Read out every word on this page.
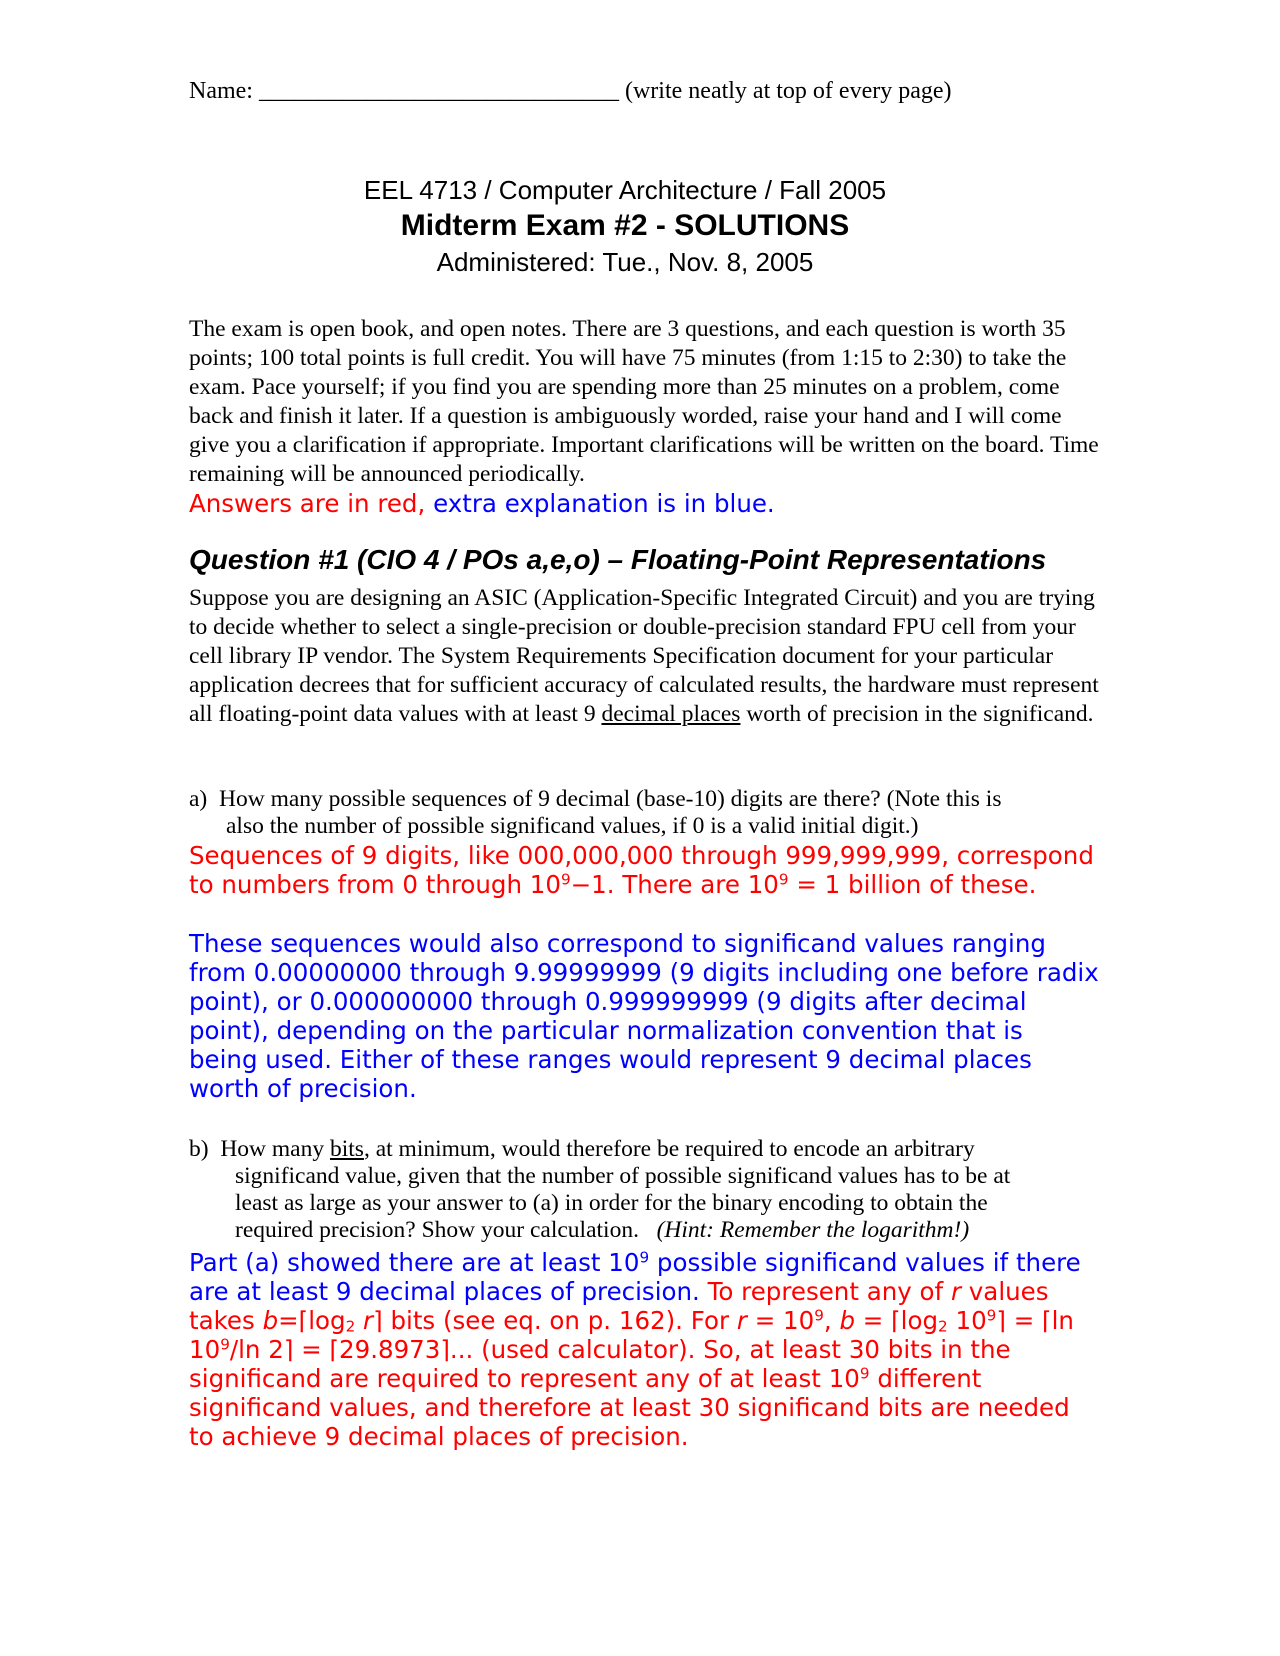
Name: ______________________________ (write neatly at top of every page)
EEL 4713 / Computer Architecture / Fall 2005
Midterm Exam #2 - SOLUTIONS
Administered: Tue., Nov. 8, 2005
The exam is open book, and open notes. There are 3 questions, and each question is worth 35 points; 100 total points is full credit. You will have 75 minutes (from 1:15 to 2:30) to take the exam. Pace yourself; if you find you are spending more than 25 minutes on a problem, come back and finish it later. If a question is ambiguously worded, raise your hand and I will come give you a clarification if appropriate. Important clarifications will be written on the board. Time remaining will be announced periodically.
Answers are in red, extra explanation is in blue.
Question #1 (CIO 4 / POs a,e,o) – Floating-Point Representations
Suppose you are designing an ASIC (Application-Specific Integrated Circuit) and you are trying to decide whether to select a single-precision or double-precision standard FPU cell from your cell library IP vendor. The System Requirements Specification document for your particular application decrees that for sufficient accuracy of calculated results, the hardware must represent all floating-point data values with at least 9 decimal places worth of precision in the significand.
a) How many possible sequences of 9 decimal (base-10) digits are there? (Note this is
also the number of possible significand values, if 0 is a valid initial digit.)
Sequences of 9 digits, like 000,000,000 through 999,999,999, correspond to numbers from 0 through $10^9-1$. There are $10^9 = 1$ billion of these.
These sequences would also correspond to significand values ranging from 0.00000000 through 9.99999999 (9 digits including one before radix point), or 0.000000000 through 0.999999999 (9 digits after decimal point), depending on the particular normalization convention that is being used. Either of these ranges would represent 9 decimal places worth of precision.
b) How many bits, at minimum, would therefore be required to encode an arbitrary
significand value, given that the number of possible significand values has to be at
least as large as your answer to (a) in order for the binary encoding to obtain the
required precision? Show your calculation. (Hint: Remember the logarithm!)
Part (a) showed there are at least $10^9$ possible significand values if there are at least 9 decimal places of precision. To represent any of r values takes $b=⌈\log_2$ r⌉ bits (see eq. on p. 162). For $r = 10^9$, $b = ⌈\log_2$ $10^9⌉$ = ⌈ln $10^9/\ln$ 2⌉ = ⌈29.8973⌉... (used calculator). So, at least 30 bits in the significand are required to represent any of at least $10^9$ different significand values, and therefore at least 30 significand bits are needed to achieve 9 decimal places of precision.
